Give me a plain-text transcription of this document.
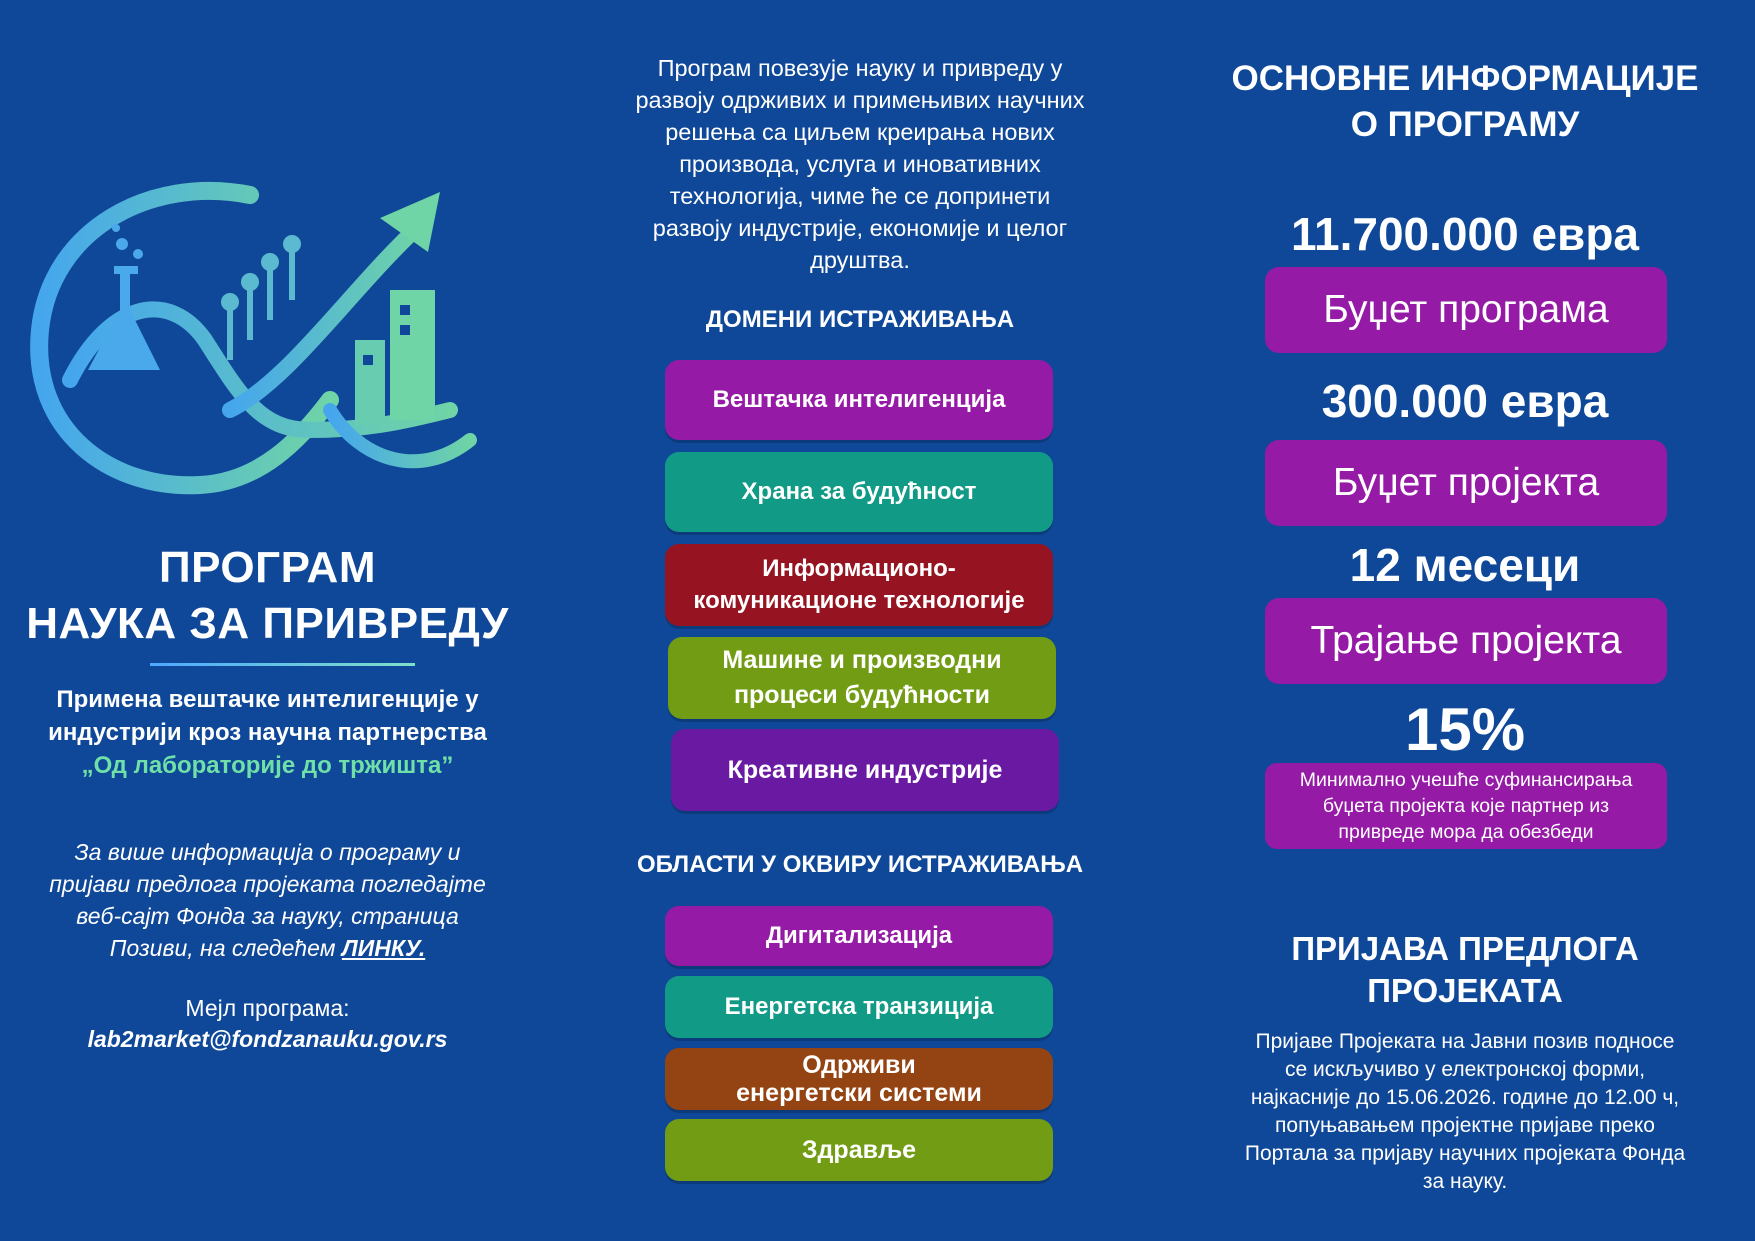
ПРОГРАМ
НАУКА ЗА ПРИВРЕДУ
Примена вештачке интелигенције у
индустрији кроз научна партнерства
„Од лабораторије до тржишта”
За више информација о програму и
пријави предлога пројеката погледајте
веб-сајт Фонда за науку, страница
Позиви, на следећем ЛИНКУ.
Мејл програма:
lab2market@fondzanauku.gov.rs
Програм повезује науку и привреду у
развоју одрживих и примењивих научних
решења са циљем креирања нових
производа, услуга и иновативних
технологија, чиме ће се допринети
развоју индустрије, економије и целог
друштва.
ДОМЕНИ ИСТРАЖИВАЊА
Вештачка интелигенција
Храна за будућност
Информационо-
комуникационе технологије
Машине и производни
процеси будућности
Креативне индустрије
ОБЛАСТИ У ОКВИРУ ИСТРАЖИВАЊА
Дигитализација
Енергетска транзиција
Одрживи
енергетски системи
Здравље
ОСНОВНЕ ИНФОРМАЦИЈЕ
О ПРОГРАМУ
11.700.000 евра
Буџет програма
300.000 евра
Буџет пројекта
12 месеци
Трајање пројекта
15%
Минимално учешће суфинансирања
буџета пројекта које партнер из
привреде мора да обезбеди
ПРИЈАВА ПРЕДЛОГА
ПРОЈЕКАТА
Пријаве Пројеката на Јавни позив подносе
се искључиво у електронској форми,
најкасније до 15.06.2026. године до 12.00 ч,
попуњавањем пројектне пријаве преко
Портала за пријаву научних пројеката Фонда
за науку.
